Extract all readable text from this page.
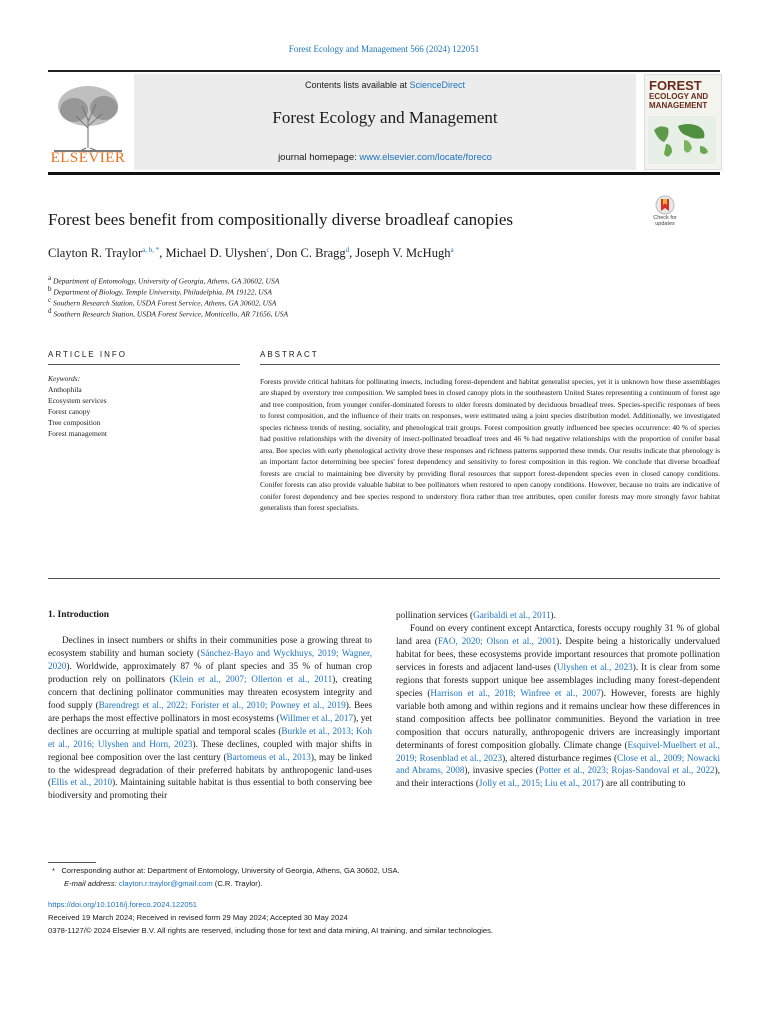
Forest Ecology and Management 566 (2024) 122051
ELSEVIER
Contents lists available at ScienceDirect
Forest Ecology and Management
journal homepage: www.elsevier.com/locate/foreco
FOREST
ECOLOGY AND
MANAGEMENT
Forest bees benefit from compositionally diverse broadleaf canopies	Check for
updates
Clayton R. Traylor$^{a, b, *}$, Michael D. Ulyshen$^c$, Don C. Bragg$^d$, Joseph V. McHugh$^a$
$^a$ Department of Entomology, University of Georgia, Athens, GA 30602, USA
$^b$ Department of Biology, Temple University, Philadelphia, PA 19122, USA
$^c$ Southern Research Station, USDA Forest Service, Athens, GA 30602, USA
$^d$ Southern Research Station, USDA Forest Service, Monticello, AR 71656, USA
ARTICLE INFO	ABSTRACT
Keywords:
Anthophila
Ecosystem services
Forest canopy
Tree composition
Forest management
Forests provide critical habitats for pollinating insects, including forest-dependent and habitat generalist species, yet it is unknown how these assemblages are shaped by overstory tree composition. We sampled bees in closed canopy plots in the southeastern United States representing a continuum of forest age and tree composition, from younger conifer-dominated forests to older forests dominated by deciduous broadleaf trees. Species-specific responses of bees to forest composition, and the influence of their traits on responses, were estimated using a joint species distribution model. Additionally, we investigated species richness trends of nesting, sociality, and phenological trait groups. Forest composition greatly influenced bee species occurrence: 40 % of species had positive relationships with the diversity of insect-pollinated broadleaf trees and 46 % had negative relationships with the proportion of conifer basal area. Bee species with early phenological activity drove these responses and richness patterns supported these trends. Our results indicate that phenology is an important factor determining bee species' forest dependency and sensitivity to forest composition in this region. We conclude that diverse broadleaf forests are crucial to maintaining bee diversity by providing floral resources that support forest-dependent species even in closed canopy conditions. Conifer forests can also provide valuable habitat to bee pollinators when restored to open canopy conditions. However, because no traits are indicative of conifer forest dependency and bee species respond to understory flora rather than tree attributes, open conifer forests may more strongly favor habitat generalists than forest specialists.
1. Introduction
Declines in insect numbers or shifts in their communities pose a growing threat to ecosystem stability and human society (Sánchez-Bayo and Wyckhuys, 2019; Wagner, 2020). Worldwide, approximately 87 % of plant species and 35 % of human crop production rely on pollinators (Klein et al., 2007; Ollerton et al., 2011), creating concern that declining pollinator communities may threaten ecosystem integrity and food supply (Barendregt et al., 2022; Forister et al., 2010; Powney et al., 2019). Bees are perhaps the most effective pollinators in most ecosystems (Willmer et al., 2017), yet declines are occurring at multiple spatial and temporal scales (Burkle et al., 2013; Koh et al., 2016; Ulyshen and Horn, 2023). These declines, coupled with major shifts in regional bee composition over the last century (Bartomeus et al., 2013), may be linked to the widespread degradation of their preferred habitats by anthropogenic land-uses (Ellis et al., 2010). Maintaining suitable habitat is thus essential to both conserving bee biodiversity and promoting their
pollination services (Garibaldi et al., 2011).
Found on every continent except Antarctica, forests occupy roughly 31 % of global land area (FAO, 2020; Olson et al., 2001). Despite being a historically undervalued habitat for bees, these ecosystems provide important resources that promote pollination services in forests and adjacent land-uses (Ulyshen et al., 2023). It is clear from some regions that forests support unique bee assemblages including many forest-dependent species (Harrison et al., 2018; Winfree et al., 2007). However, forests are highly variable both among and within regions and it remains unclear how these differences in stand composition affects bee pollinator communities. Beyond the variation in tree composition that occurs naturally, anthropogenic drivers are increasingly important determinants of forest composition globally. Climate change (Esquivel-Muelbert et al., 2019; Rosenblad et al., 2023), altered disturbance regimes (Close et al., 2009; Nowacki and Abrams, 2008), invasive species (Potter et al., 2023; Rojas-Sandoval et al., 2022), and their interactions (Jolly et al., 2015; Liu et al., 2017) are all contributing to
* Corresponding author at: Department of Entomology, University of Georgia, Athens, GA 30602, USA.
E-mail address: clayton.r.traylor@gmail.com (C.R. Traylor).
https://doi.org/10.1016/j.foreco.2024.122051
Received 19 March 2024; Received in revised form 29 May 2024; Accepted 30 May 2024
0378-1127/© 2024 Elsevier B.V. All rights are reserved, including those for text and data mining, AI training, and similar technologies.
